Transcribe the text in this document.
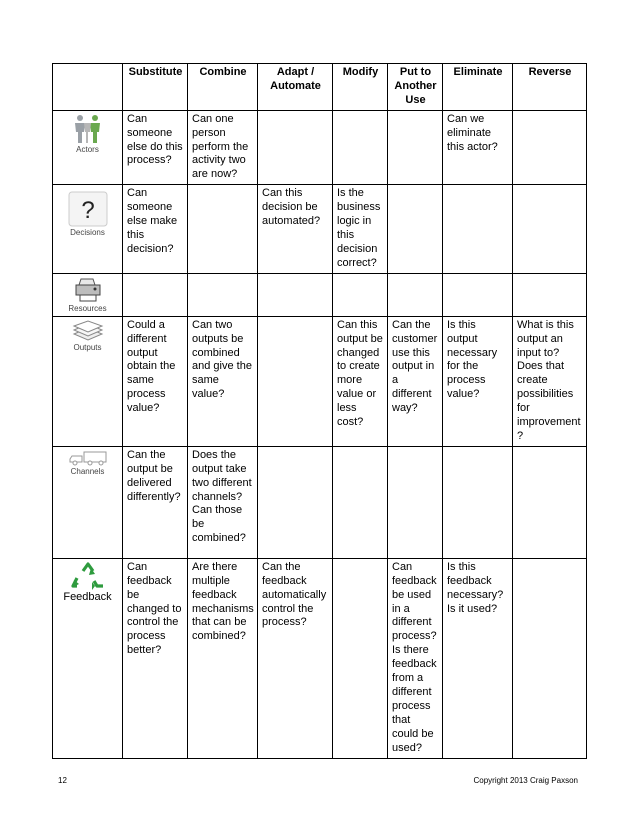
	Substitute	Combine	Adapt / Automate	Modify	Put to Another Use	Eliminate	Reverse

Actors	Can someone else do this process?	Can one person perform the activity two are now?				Can we eliminate this actor?	

?
Decisions	Can someone else make this decision?		Can this decision be automated?	Is the business logic in this decision correct?			

Resources							

Outputs	Could a different output obtain the same process value?	Can two outputs be combined and give the same value?		Can this output be changed to create more value or less cost?	Can the customer use this output in a different way?	Is this output necessary for the process value?	What is this output an input to? Does that create possibilities for improvement?

Channels	Can the output be delivered differently?	Does the output take two different channels? Can those be combined?					

Feedback	Can feedback be changed to control the process better?	Are there multiple feedback mechanisms that can be combined?	Can the feedback automatically control the process?		Can feedback be used in a different process? Is there feedback from a different process that could be used?	Is this feedback necessary? Is it used?	
12	Copyright 2013 Craig Paxson
